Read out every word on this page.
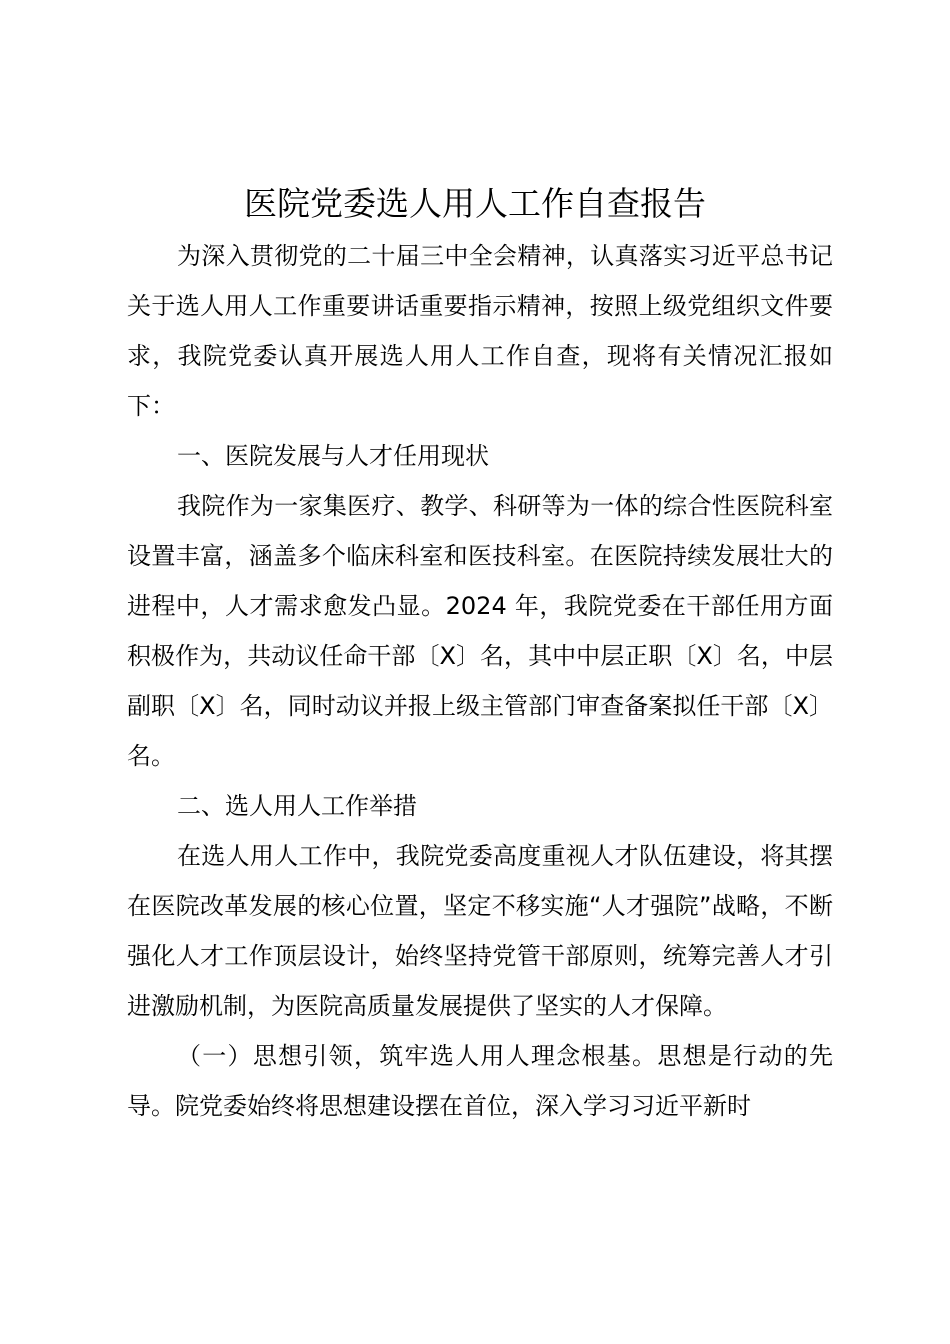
医院党委选人用人工作自查报告

为深入贯彻党的二十届三中全会精神，认真落实习近平总书记关于选人用人工作重要讲话重要指示精神，按照上级党组织文件要求，我院党委认真开展选人用人工作自查，现将有关情况汇报如下：

一、医院发展与人才任用现状

我院作为一家集医疗、教学、科研等为一体的综合性医院科室设置丰富，涵盖多个临床科室和医技科室。在医院持续发展壮大的进程中，人才需求愈发凸显。2024 年，我院党委在干部任用方面积极作为，共动议任命干部〔X〕名，其中中层正职〔X〕名，中层副职〔X〕名，同时动议并报上级主管部门审查备案拟任干部〔X〕名。

二、选人用人工作举措

在选人用人工作中，我院党委高度重视人才队伍建设，将其摆在医院改革发展的核心位置，坚定不移实施“人才强院”战略，不断强化人才工作顶层设计，始终坚持党管干部原则，统筹完善人才引进激励机制，为医院高质量发展提供了坚实的人才保障。

（一）思想引领，筑牢选人用人理念根基。思想是行动的先导。院党委始终将思想建设摆在首位，深入学习习近平新时
